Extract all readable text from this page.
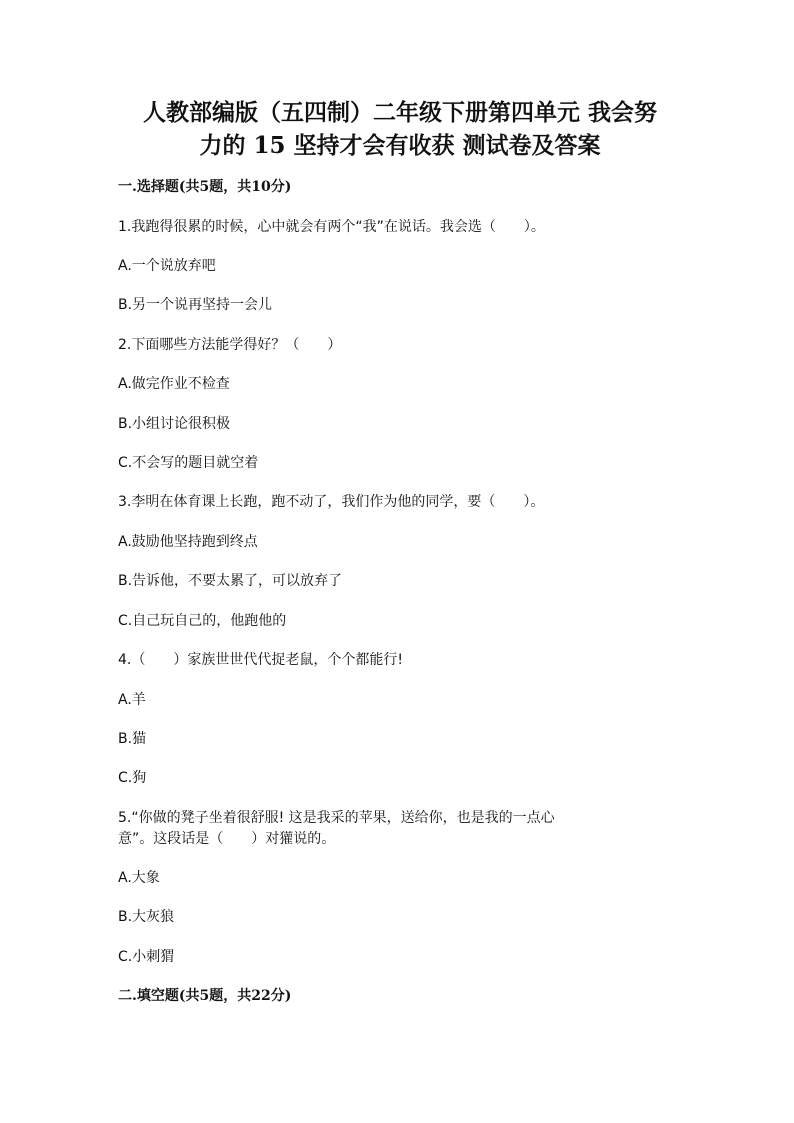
人教部编版（五四制）二年级下册第四单元 我会努
力的 15 坚持才会有收获 测试卷及答案
一.选择题(共5题，共10分)
1.我跑得很累的时候，心中就会有两个“我”在说话。我会选（　　）。
A.一个说放弃吧
B.另一个说再坚持一会儿
2.下面哪些方法能学得好？（　　）
A.做完作业不检查
B.小组讨论很积极
C.不会写的题目就空着
3.李明在体育课上长跑，跑不动了，我们作为他的同学，要（　　）。
A.鼓励他坚持跑到终点
B.告诉他，不要太累了，可以放弃了
C.自己玩自己的，他跑他的
4.（　　）家族世世代代捉老鼠，个个都能行!
A.羊
B.猫
C.狗
5.“你做的凳子坐着很舒服! 这是我采的苹果，送给你，也是我的一点心
意”。这段话是（　　）对獾说的。
A.大象
B.大灰狼
C.小刺猬
二.填空题(共5题，共22分)
